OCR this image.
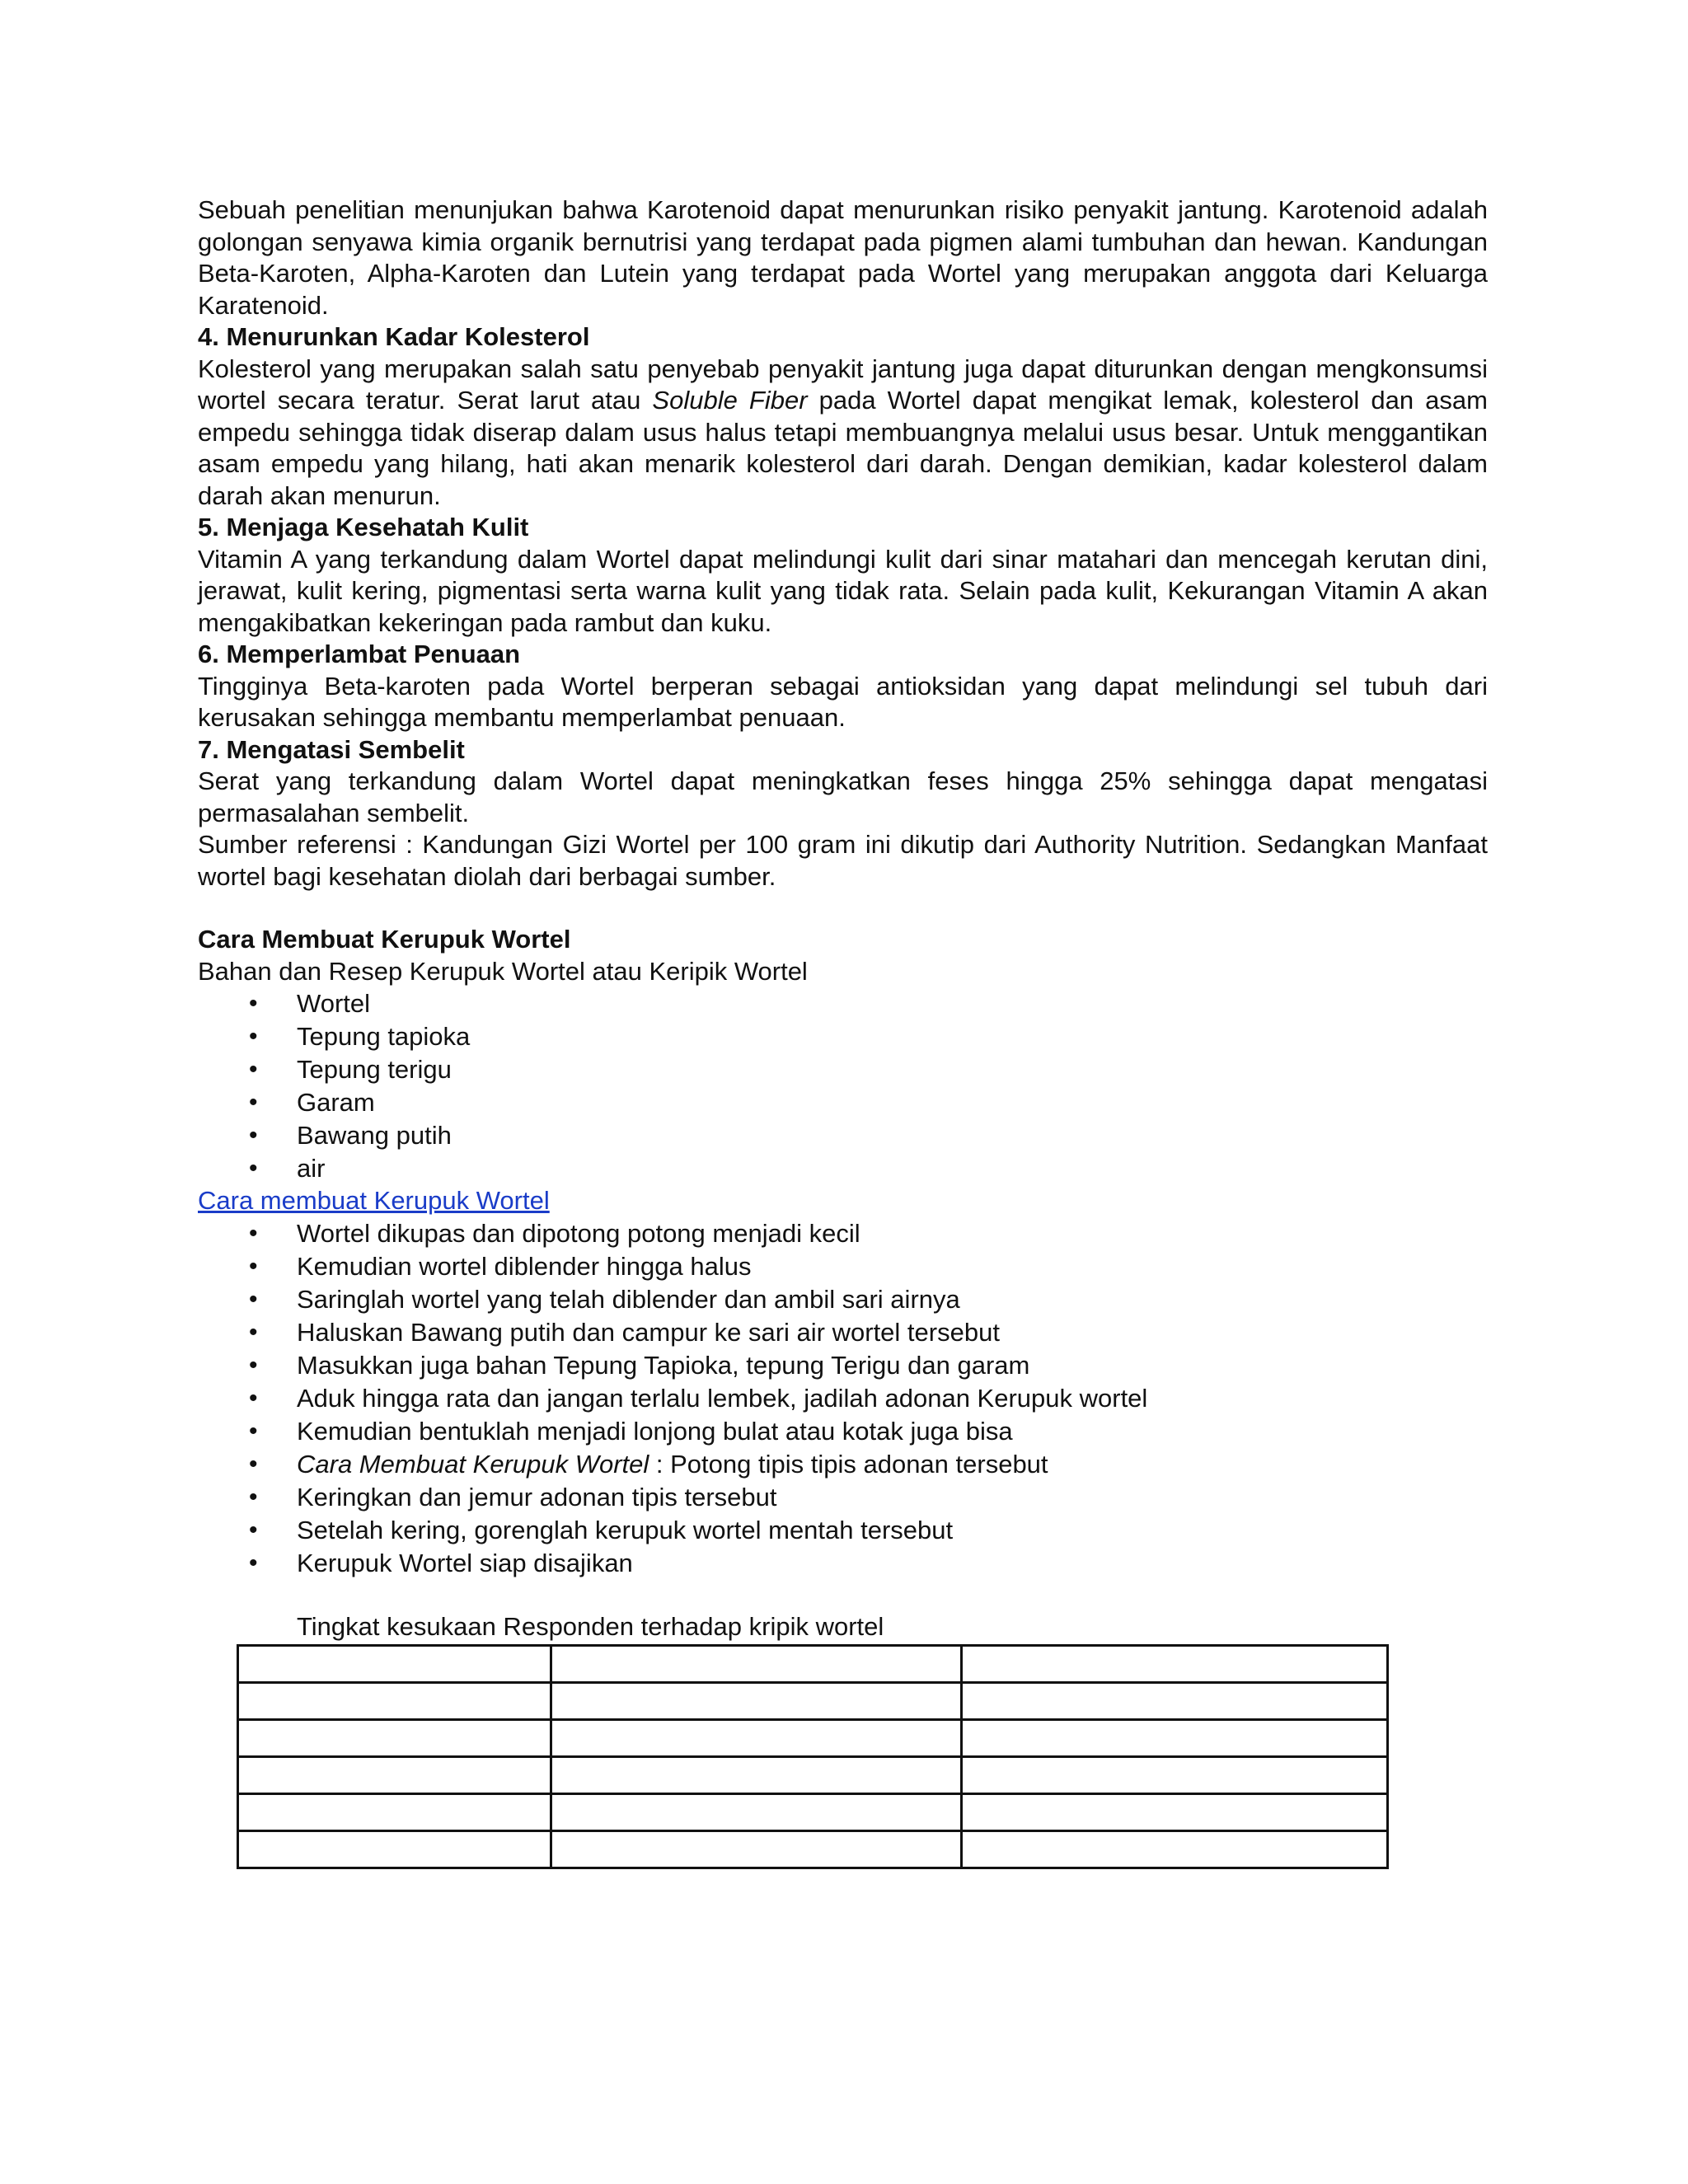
Sebuah penelitian menunjukan bahwa Karotenoid dapat menurunkan risiko penyakit jantung. Karotenoid adalah golongan senyawa kimia organik bernutrisi yang terdapat pada pigmen alami tumbuhan dan hewan. Kandungan Beta-Karoten, Alpha-Karoten dan Lutein yang terdapat pada Wortel yang merupakan anggota dari Keluarga Karatenoid.

4. Menurunkan Kadar Kolesterol

Kolesterol yang merupakan salah satu penyebab penyakit jantung juga dapat diturunkan dengan mengkonsumsi wortel secara teratur. Serat larut atau Soluble Fiber pada Wortel dapat mengikat lemak, kolesterol dan asam empedu sehingga tidak diserap dalam usus halus tetapi membuangnya melalui usus besar. Untuk menggantikan asam empedu yang hilang, hati akan menarik kolesterol dari darah. Dengan demikian, kadar kolesterol dalam darah akan menurun.

5. Menjaga Kesehatah Kulit

Vitamin A yang terkandung dalam Wortel dapat melindungi kulit dari sinar matahari dan mencegah kerutan dini, jerawat, kulit kering, pigmentasi serta warna kulit yang tidak rata. Selain pada kulit, Kekurangan Vitamin A akan mengakibatkan kekeringan pada rambut dan kuku.

6. Memperlambat Penuaan

Tingginya Beta-karoten pada Wortel berperan sebagai antioksidan yang dapat melindungi sel tubuh dari kerusakan sehingga membantu memperlambat penuaan.

7. Mengatasi Sembelit

Serat yang terkandung dalam Wortel dapat meningkatkan feses hingga 25% sehingga dapat mengatasi permasalahan sembelit.

Sumber referensi : Kandungan Gizi Wortel per 100 gram ini dikutip dari Authority Nutrition. Sedangkan Manfaat wortel bagi kesehatan diolah dari berbagai sumber.

Cara Membuat Kerupuk Wortel

Bahan dan Resep Kerupuk Wortel atau Keripik Wortel

• Wortel
• Tepung tapioka
• Tepung terigu
• Garam
• Bawang putih
• air
Cara membuat Kerupuk Wortel
• Wortel dikupas dan dipotong potong menjadi kecil
• Kemudian wortel diblender hingga halus
• Saringlah wortel yang telah diblender dan ambil sari airnya
• Haluskan Bawang putih dan campur ke sari air wortel tersebut
• Masukkan juga bahan Tepung Tapioka, tepung Terigu dan garam
• Aduk hingga rata dan jangan terlalu lembek, jadilah adonan Kerupuk wortel
• Kemudian bentuklah menjadi lonjong bulat atau kotak juga bisa
• Cara Membuat Kerupuk Wortel : Potong tipis tipis adonan tersebut
• Keringkan dan jemur adonan tipis tersebut
• Setelah kering, gorenglah kerupuk wortel mentah tersebut
• Kerupuk Wortel siap disajikan
Tingkat kesukaan Responden terhadap kripik wortel
